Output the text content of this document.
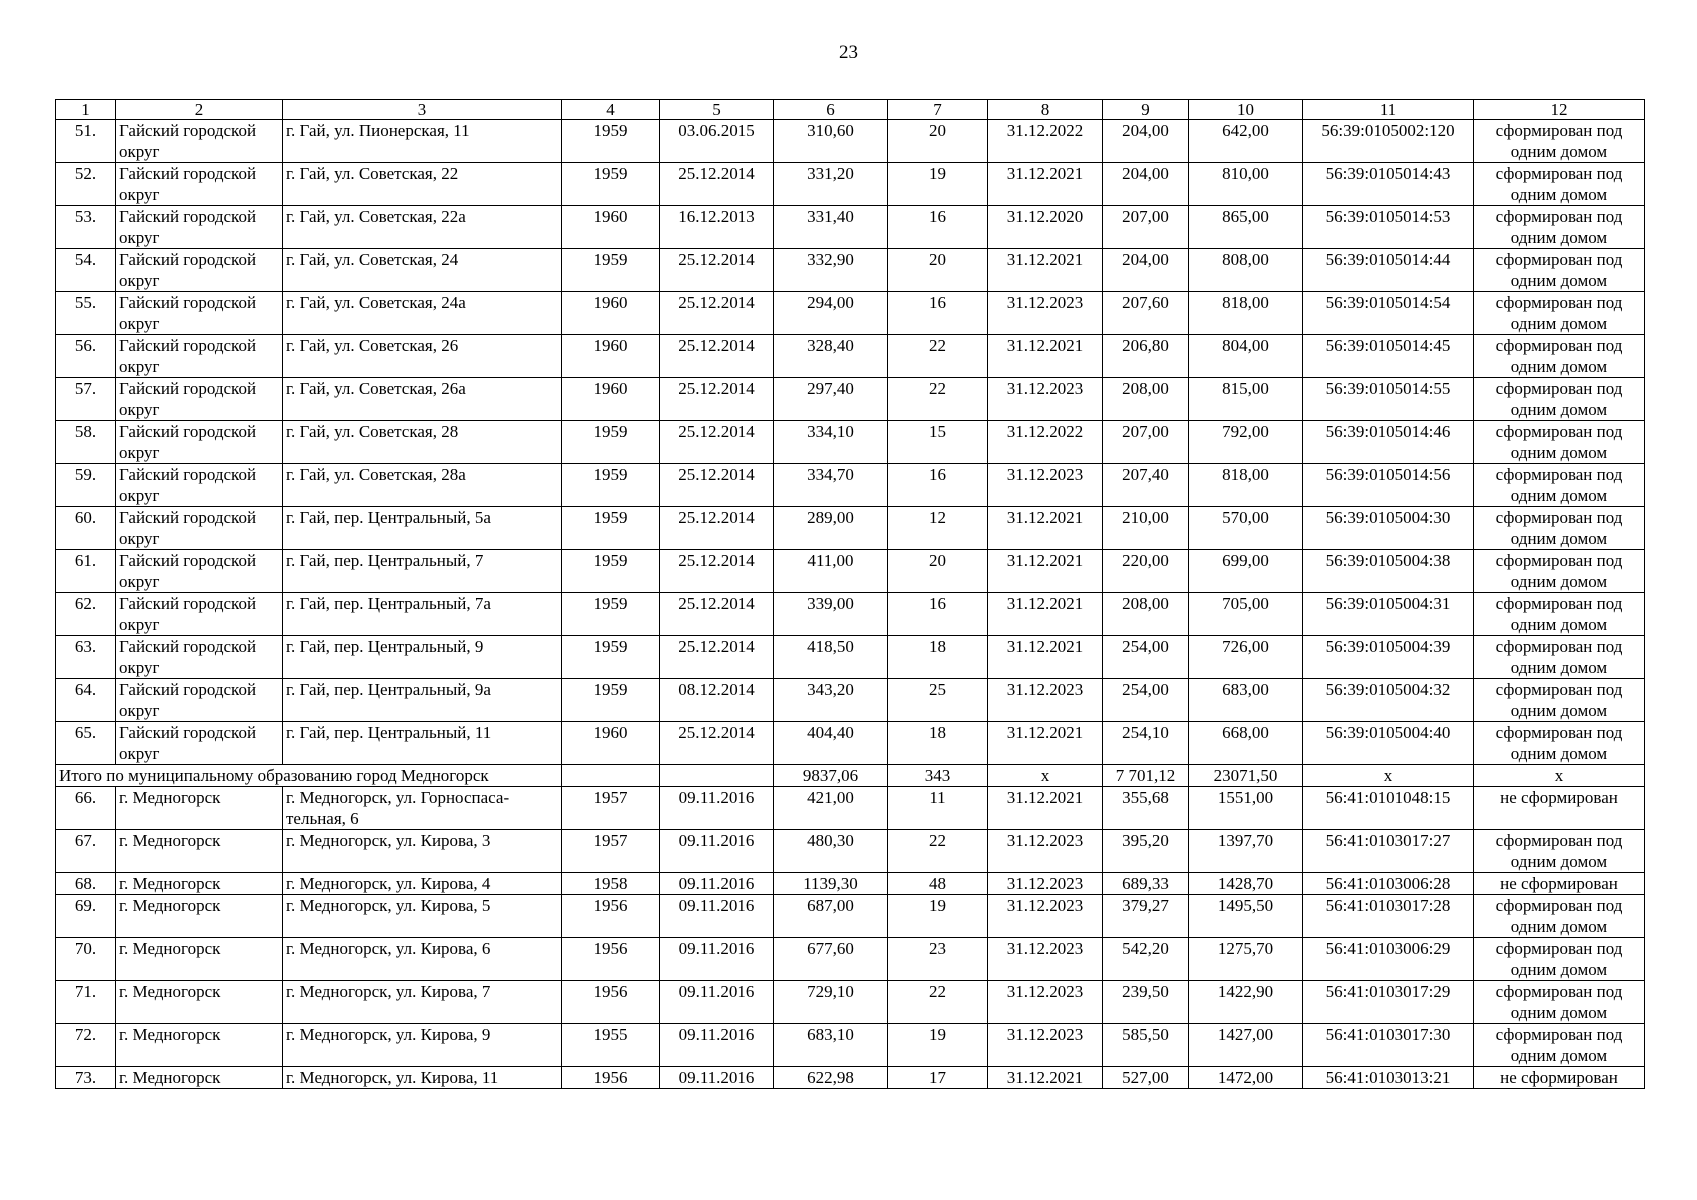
23
1	2	3	4	5	6	7	8	9	10	11	12
51.	Гайский городской округ	г. Гай, ул. Пионерская, 11	1959	03.06.2015	310,60	20	31.12.2022	204,00	642,00	56:39:0105002:120	сформирован под одним домом
52.	Гайский городской округ	г. Гай, ул. Советская, 22	1959	25.12.2014	331,20	19	31.12.2021	204,00	810,00	56:39:0105014:43	сформирован под одним домом
53.	Гайский городской округ	г. Гай, ул. Советская, 22а	1960	16.12.2013	331,40	16	31.12.2020	207,00	865,00	56:39:0105014:53	сформирован под одним домом
54.	Гайский городской округ	г. Гай, ул. Советская, 24	1959	25.12.2014	332,90	20	31.12.2021	204,00	808,00	56:39:0105014:44	сформирован под одним домом
55.	Гайский городской округ	г. Гай, ул. Советская, 24а	1960	25.12.2014	294,00	16	31.12.2023	207,60	818,00	56:39:0105014:54	сформирован под одним домом
56.	Гайский городской округ	г. Гай, ул. Советская, 26	1960	25.12.2014	328,40	22	31.12.2021	206,80	804,00	56:39:0105014:45	сформирован под одним домом
57.	Гайский городской округ	г. Гай, ул. Советская, 26а	1960	25.12.2014	297,40	22	31.12.2023	208,00	815,00	56:39:0105014:55	сформирован под одним домом
58.	Гайский городской округ	г. Гай, ул. Советская, 28	1959	25.12.2014	334,10	15	31.12.2022	207,00	792,00	56:39:0105014:46	сформирован под одним домом
59.	Гайский городской округ	г. Гай, ул. Советская, 28а	1959	25.12.2014	334,70	16	31.12.2023	207,40	818,00	56:39:0105014:56	сформирован под одним домом
60.	Гайский городской округ	г. Гай, пер. Центральный, 5а	1959	25.12.2014	289,00	12	31.12.2021	210,00	570,00	56:39:0105004:30	сформирован под одним домом
61.	Гайский городской округ	г. Гай, пер. Центральный, 7	1959	25.12.2014	411,00	20	31.12.2021	220,00	699,00	56:39:0105004:38	сформирован под одним домом
62.	Гайский городской округ	г. Гай, пер. Центральный, 7а	1959	25.12.2014	339,00	16	31.12.2021	208,00	705,00	56:39:0105004:31	сформирован под одним домом
63.	Гайский городской округ	г. Гай, пер. Центральный, 9	1959	25.12.2014	418,50	18	31.12.2021	254,00	726,00	56:39:0105004:39	сформирован под одним домом
64.	Гайский городской округ	г. Гай, пер. Центральный, 9а	1959	08.12.2014	343,20	25	31.12.2023	254,00	683,00	56:39:0105004:32	сформирован под одним домом
65.	Гайский городской округ	г. Гай, пер. Центральный, 11	1960	25.12.2014	404,40	18	31.12.2021	254,10	668,00	56:39:0105004:40	сформирован под одним домом
Итого по муниципальному образованию город Медногорск					9837,06	343	x	7 701,12	23071,50	x	x
66.	г. Медногорск	г. Медногорск, ул. Горноспаса-тельная, 6	1957	09.11.2016	421,00	11	31.12.2021	355,68	1551,00	56:41:0101048:15	не сформирован
67.	г. Медногорск	г. Медногорск, ул. Кирова, 3	1957	09.11.2016	480,30	22	31.12.2023	395,20	1397,70	56:41:0103017:27	сформирован под одним домом
68.	г. Медногорск	г. Медногорск, ул. Кирова, 4	1958	09.11.2016	1139,30	48	31.12.2023	689,33	1428,70	56:41:0103006:28	не сформирован
69.	г. Медногорск	г. Медногорск, ул. Кирова, 5	1956	09.11.2016	687,00	19	31.12.2023	379,27	1495,50	56:41:0103017:28	сформирован под одним домом
70.	г. Медногорск	г. Медногорск, ул. Кирова, 6	1956	09.11.2016	677,60	23	31.12.2023	542,20	1275,70	56:41:0103006:29	сформирован под одним домом
71.	г. Медногорск	г. Медногорск, ул. Кирова, 7	1956	09.11.2016	729,10	22	31.12.2023	239,50	1422,90	56:41:0103017:29	сформирован под одним домом
72.	г. Медногорск	г. Медногорск, ул. Кирова, 9	1955	09.11.2016	683,10	19	31.12.2023	585,50	1427,00	56:41:0103017:30	сформирован под одним домом
73.	г. Медногорск	г. Медногорск, ул. Кирова, 11	1956	09.11.2016	622,98	17	31.12.2021	527,00	1472,00	56:41:0103013:21	не сформирован
